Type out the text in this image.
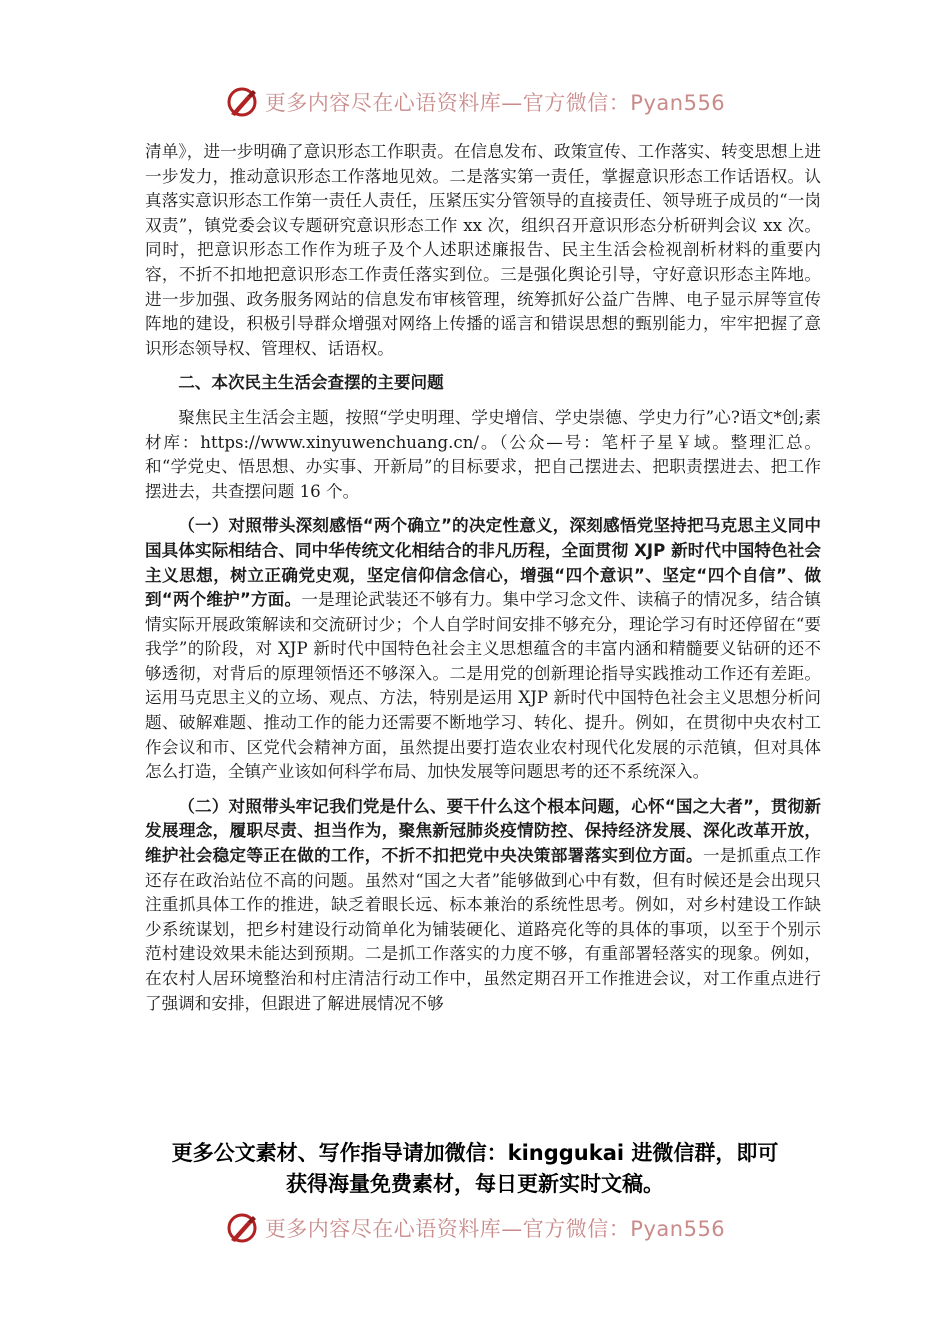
更多内容尽在心语资料库—官方微信：Pyan556

清单》，进一步明确了意识形态工作职责。在信息发布、政策宣传、工作落实、转变思想上进一步发力，推动意识形态工作落地见效。二是落实第一责任，掌握意识形态工作话语权。认真落实意识形态工作第一责任人责任，压紧压实分管领导的直接责任、领导班子成员的“一岗双责”，镇党委会议专题研究意识形态工作 xx 次，组织召开意识形态分析研判会议 xx 次。同时，把意识形态工作作为班子及个人述职述廉报告、民主生活会检视剖析材料的重要内容，不折不扣地把意识形态工作责任落实到位。三是强化舆论引导，守好意识形态主阵地。进一步加强、政务服务网站的信息发布审核管理，统筹抓好公益广告牌、电子显示屏等宣传阵地的建设，积极引导群众增强对网络上传播的谣言和错误思想的甄别能力，牢牢把握了意识形态领导权、管理权、话语权。

二、本次民主生活会查摆的主要问题

聚焦民主生活会主题，按照“学史明理、学史增信、学史崇德、学史力行”心?语文*创;素材库：https://www.xinyuwenchuang.cn/。（公众—号：笔杆子星￥域。整理汇总。和“学党史、悟思想、办实事、开新局”的目标要求，把自己摆进去、把职责摆进去、把工作摆进去，共查摆问题 16 个。

（一）对照带头深刻感悟“两个确立”的决定性意义，深刻感悟党坚持把马克思主义同中国具体实际相结合、同中华传统文化相结合的非凡历程，全面贯彻 XJP 新时代中国特色社会主义思想，树立正确党史观，坚定信仰信念信心，增强“四个意识”、坚定“四个自信”、做到“两个维护”方面。一是理论武装还不够有力。集中学习念文件、读稿子的情况多，结合镇情实际开展政策解读和交流研讨少；个人自学时间安排不够充分，理论学习有时还停留在“要我学”的阶段，对 XJP 新时代中国特色社会主义思想蕴含的丰富内涵和精髓要义钻研的还不够透彻，对背后的原理领悟还不够深入。二是用党的创新理论指导实践推动工作还有差距。运用马克思主义的立场、观点、方法，特别是运用 XJP 新时代中国特色社会主义思想分析问题、破解难题、推动工作的能力还需要不断地学习、转化、提升。例如，在贯彻中央农村工作会议和市、区党代会精神方面，虽然提出要打造农业农村现代化发展的示范镇，但对具体怎么打造，全镇产业该如何科学布局、加快发展等问题思考的还不系统深入。

（二）对照带头牢记我们党是什么、要干什么这个根本问题，心怀“国之大者”，贯彻新发展理念，履职尽责、担当作为，聚焦新冠肺炎疫情防控、保持经济发展、深化改革开放，维护社会稳定等正在做的工作，不折不扣把党中央决策部署落实到位方面。一是抓重点工作还存在政治站位不高的问题。虽然对“国之大者”能够做到心中有数，但有时候还是会出现只注重抓具体工作的推进，缺乏着眼长远、标本兼治的系统性思考。例如，对乡村建设工作缺少系统谋划，把乡村建设行动简单化为铺装硬化、道路亮化等的具体的事项，以至于个别示范村建设效果未能达到预期。二是抓工作落实的力度不够，有重部署轻落实的现象。例如，在农村人居环境整治和村庄清洁行动工作中，虽然定期召开工作推进会议，对工作重点进行了强调和安排，但跟进了解进展情况不够

更多公文素材、写作指导请加微信：kinggukai 进微信群，即可
获得海量免费素材，每日更新实时文稿。
更多内容尽在心语资料库—官方微信：Pyan556
